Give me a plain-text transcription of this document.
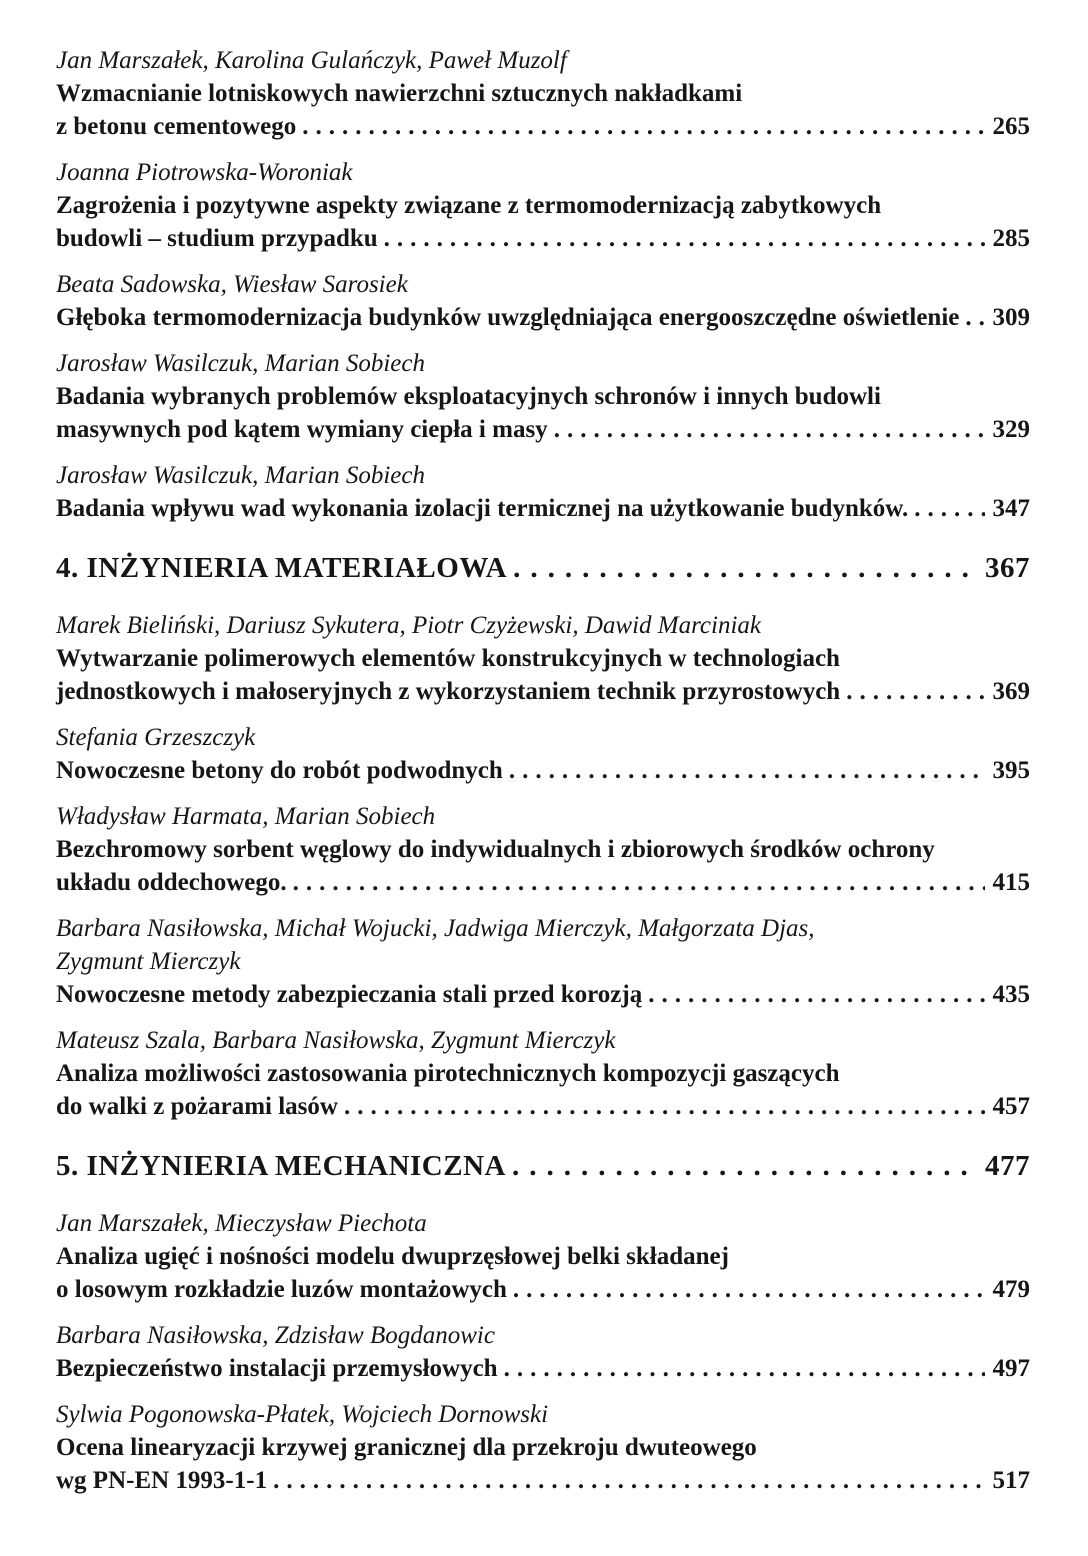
Jan Marszałek, Karolina Gulańczyk, Paweł Muzolf
Wzmacnianie lotniskowych nawierzchni sztucznych nakładkami
z betonu cementowego .....	265
Joanna Piotrowska-Woroniak
Zagrożenia i pozytywne aspekty związane z termomodernizacją zabytkowych
budowli – studium przypadku .....	285
Beata Sadowska, Wiesław Sarosiek
Głęboka termomodernizacja budynków uwzględniająca energooszczędne oświetlenie .....	309
Jarosław Wasilczuk, Marian Sobiech
Badania wybranych problemów eksploatacyjnych schronów i innych budowli
masywnych pod kątem wymiany ciepła i masy .....	329
Jarosław Wasilczuk, Marian Sobiech
Badania wpływu wad wykonania izolacji termicznej na użytkowanie budynków. .....	347
4. INŻYNIERIA MATERIAŁOWA .....	367
Marek Bieliński, Dariusz Sykutera, Piotr Czyżewski, Dawid Marciniak
Wytwarzanie polimerowych elementów konstrukcyjnych w technologiach
jednostkowych i małoseryjnych z wykorzystaniem technik przyrostowych .....	369
Stefania Grzeszczyk
Nowoczesne betony do robót podwodnych .....	395
Władysław Harmata, Marian Sobiech
Bezchromowy sorbent węglowy do indywidualnych i zbiorowych środków ochrony
układu oddechowego. .....	415
Barbara Nasiłowska, Michał Wojucki, Jadwiga Mierczyk, Małgorzata Djas,
Zygmunt Mierczyk
Nowoczesne metody zabezpieczania stali przed korozją .....	435
Mateusz Szala, Barbara Nasiłowska, Zygmunt Mierczyk
Analiza możliwości zastosowania pirotechnicznych kompozycji gaszących
do walki z pożarami lasów .....	457
5. INŻYNIERIA MECHANICZNA .....	477
Jan Marszałek, Mieczysław Piechota
Analiza ugięć i nośności modelu dwuprzęsłowej belki składanej
o losowym rozkładzie luzów montażowych .....	479
Barbara Nasiłowska, Zdzisław Bogdanowic
Bezpieczeństwo instalacji przemysłowych .....	497
Sylwia Pogonowska-Płatek, Wojciech Dornowski
Ocena linearyzacji krzywej granicznej dla przekroju dwuteowego
wg PN-EN 1993-1-1 .....	517
